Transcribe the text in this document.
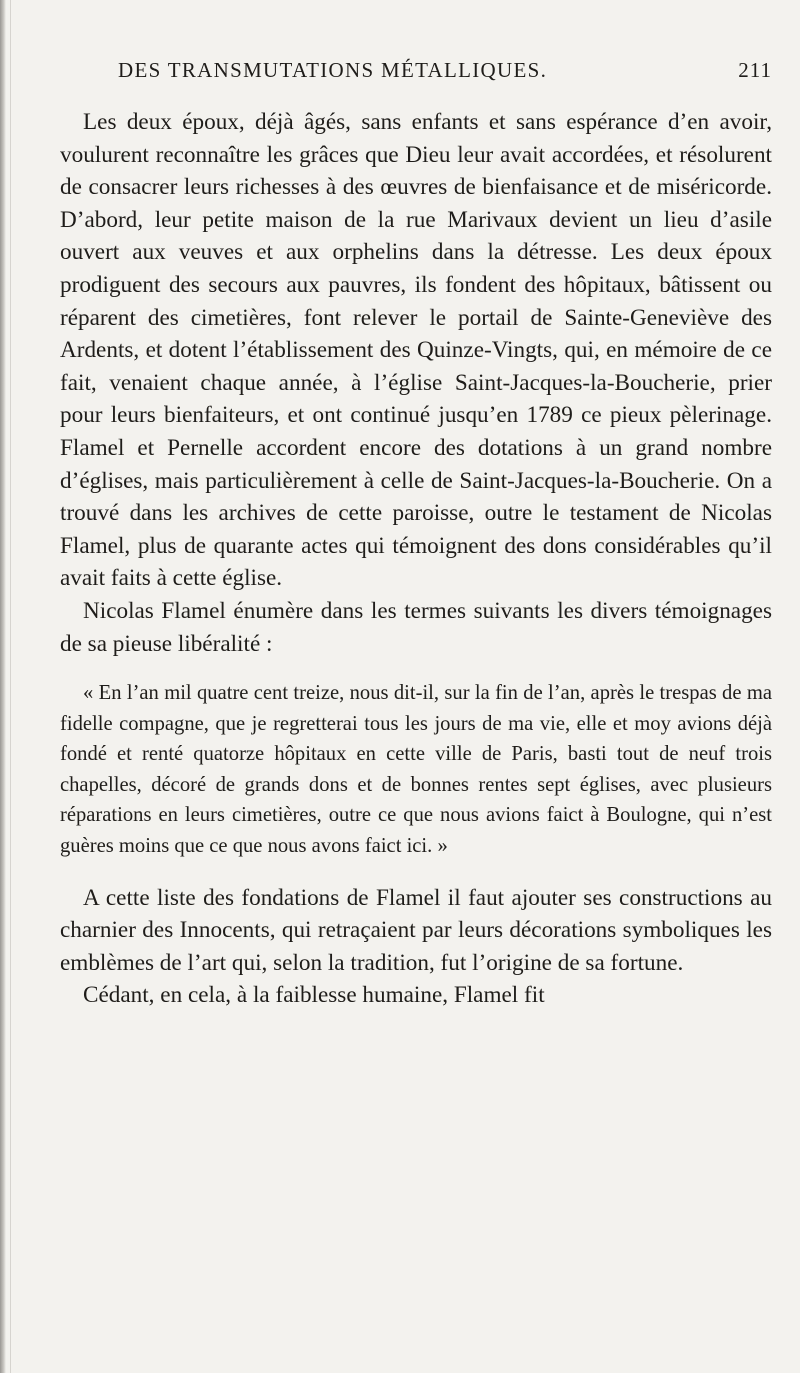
DES TRANSMUTATIONS MÉTALLIQUES.	211

Les deux époux, déjà âgés, sans enfants et sans espérance d’en avoir, voulurent reconnaître les grâces que Dieu leur avait accordées, et résolurent de consacrer leurs richesses à des œuvres de bienfaisance et de miséricorde. D’abord, leur petite maison de la rue Marivaux devient un lieu d’asile ouvert aux veuves et aux orphelins dans la détresse. Les deux époux prodiguent des secours aux pauvres, ils fondent des hôpitaux, bâtissent ou réparent des cimetières, font relever le portail de Sainte-Geneviève des Ardents, et dotent l’établissement des Quinze-Vingts, qui, en mémoire de ce fait, venaient chaque année, à l’église Saint-Jacques-la-Boucherie, prier pour leurs bienfaiteurs, et ont continué jusqu’en 1789 ce pieux pèlerinage. Flamel et Pernelle accordent encore des dotations à un grand nombre d’églises, mais particulièrement à celle de Saint-Jacques-la-Boucherie. On a trouvé dans les archives de cette paroisse, outre le testament de Nicolas Flamel, plus de quarante actes qui témoignent des dons considérables qu’il avait faits à cette église.

Nicolas Flamel énumère dans les termes suivants les divers témoignages de sa pieuse libéralité :

« En l’an mil quatre cent treize, nous dit-il, sur la fin de l’an, après le trespas de ma fidelle compagne, que je regretterai tous les jours de ma vie, elle et moy avions déjà fondé et renté quatorze hôpitaux en cette ville de Paris, basti tout de neuf trois chapelles, décoré de grands dons et de bonnes rentes sept églises, avec plusieurs réparations en leurs cimetières, outre ce que nous avions faict à Boulogne, qui n’est guères moins que ce que nous avons faict ici. »

A cette liste des fondations de Flamel il faut ajouter ses constructions au charnier des Innocents, qui retraçaient par leurs décorations symboliques les emblèmes de l’art qui, selon la tradition, fut l’origine de sa fortune.

Cédant, en cela, à la faiblesse humaine, Flamel fit
